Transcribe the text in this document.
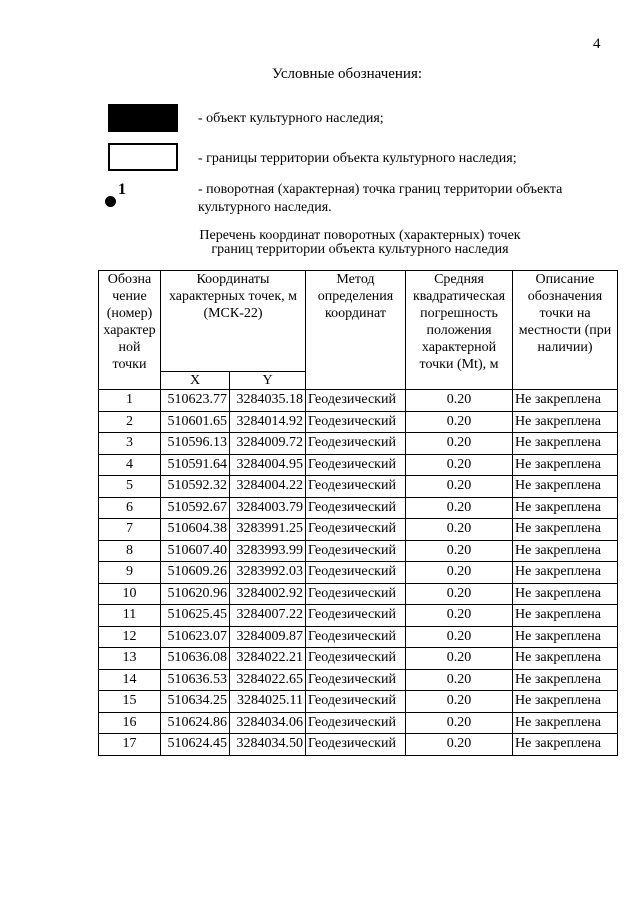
4
Условные обозначения:
- объект культурного наследия;
- границы территории объекта культурного наследия;
1	- поворотная (характерная) точка границ территории объекта культурного наследия.
Перечень координат поворотных (характерных) точек
границ территории объекта культурного наследия
Обозна чение (номер) характер ной точки	Координаты характерных точек, м (МСК-22)		Метод определения координат	Средняя квадратическая погрешность положения характерной точки (Mt), м	Описание обозначения точки на местности (при наличии)
	X	Y			
1	510623.77	3284035.18	Геодезический	0.20	Не закреплена
2	510601.65	3284014.92	Геодезический	0.20	Не закреплена
3	510596.13	3284009.72	Геодезический	0.20	Не закреплена
4	510591.64	3284004.95	Геодезический	0.20	Не закреплена
5	510592.32	3284004.22	Геодезический	0.20	Не закреплена
6	510592.67	3284003.79	Геодезический	0.20	Не закреплена
7	510604.38	3283991.25	Геодезический	0.20	Не закреплена
8	510607.40	3283993.99	Геодезический	0.20	Не закреплена
9	510609.26	3283992.03	Геодезический	0.20	Не закреплена
10	510620.96	3284002.92	Геодезический	0.20	Не закреплена
11	510625.45	3284007.22	Геодезический	0.20	Не закреплена
12	510623.07	3284009.87	Геодезический	0.20	Не закреплена
13	510636.08	3284022.21	Геодезический	0.20	Не закреплена
14	510636.53	3284022.65	Геодезический	0.20	Не закреплена
15	510634.25	3284025.11	Геодезический	0.20	Не закреплена
16	510624.86	3284034.06	Геодезический	0.20	Не закреплена
17	510624.45	3284034.50	Геодезический	0.20	Не закреплена
